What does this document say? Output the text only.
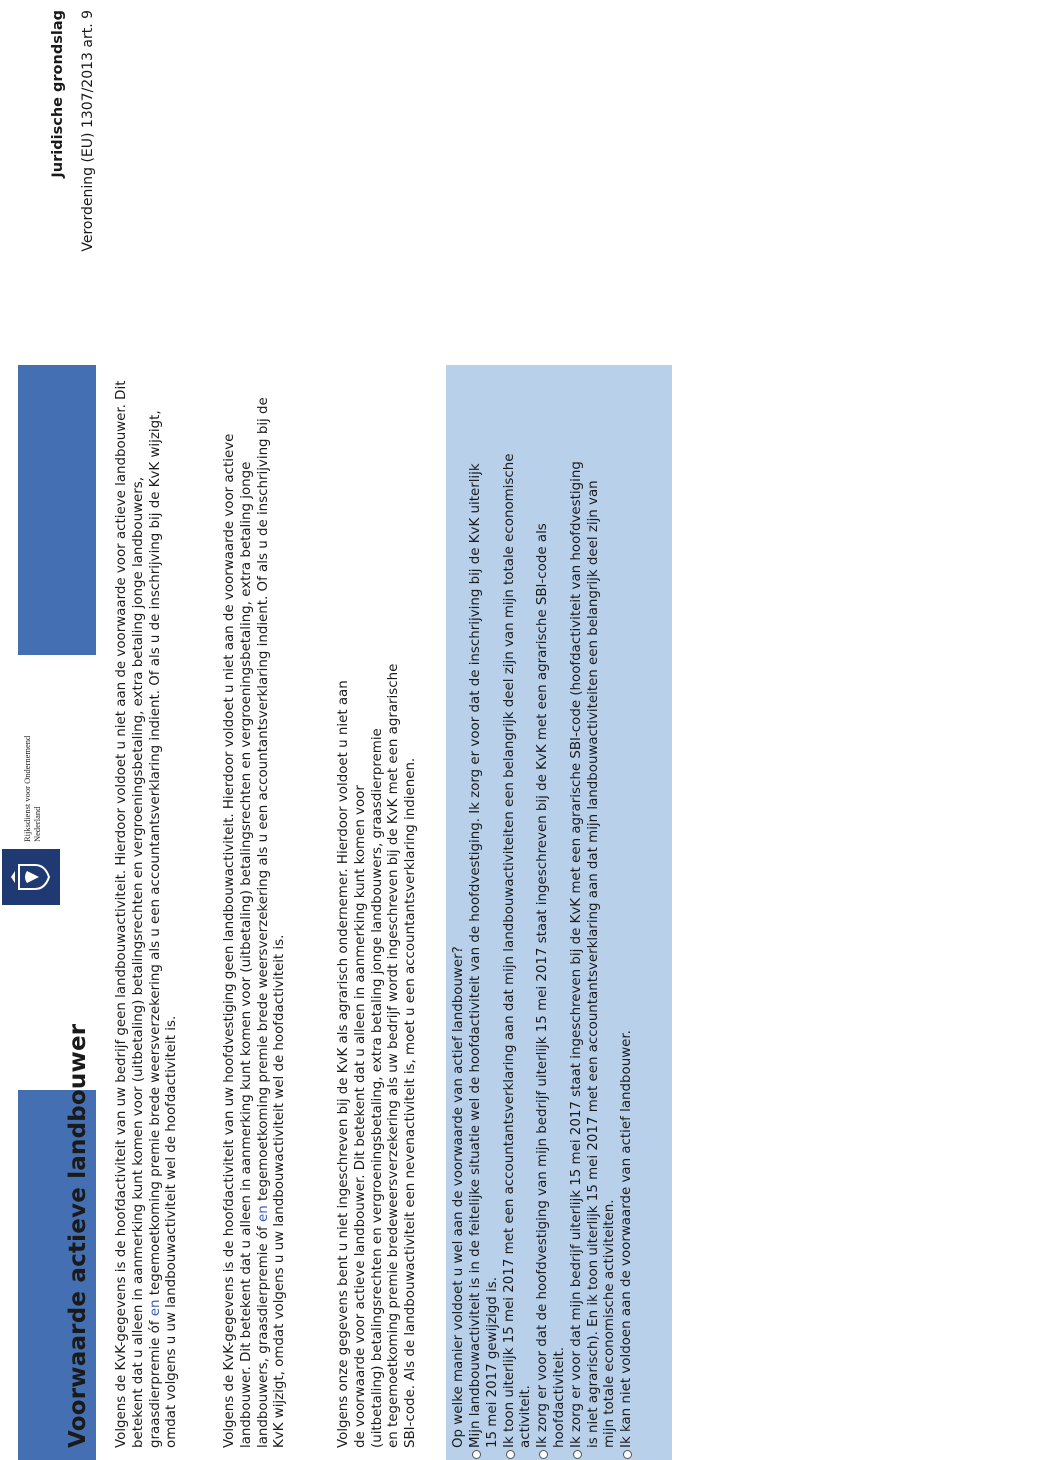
Rijksdienst voor Ondernemend Nederland
Juridische grondslag Verordening (EU) 1307/2013 art. 9
Voorwaarde actieve landbouwer Volgens de KvK-gegevens is de hoofdactiviteit van uw bedrijf geen landbouwactiviteit. Hierdoor voldoet u niet aan de voorwaarde voor actieve landbouwer. Dit betekent dat u alleen in aanmerking kunt komen voor (uitbetaling) betalingsrechten en vergroeningsbetaling, extra betaling jonge landbouwers, graasdierpremie óf en tegemoetkoming premie brede weersverzekering als u een accountantsverklaring indient. Of als u de inschrijving bij de KvK wijzigt, omdat volgens u uw landbouwactiviteit wel de hoofdactiviteit is.	Volgens de KvK-gegevens is de hoofdactiviteit van uw hoofdvestiging geen landbouwactiviteit. Hierdoor voldoet u niet aan de voorwaarde voor actieve landbouwer. Dit betekent dat u alleen in aanmerking kunt komen voor (uitbetaling) betalingsrechten en vergroeningsbetaling, extra betaling jonge landbouwers, graasdierpremie óf en tegemoetkoming premie brede weersverzekering als u een accountantsverklaring indient. Of als u de inschrijving bij de KvK wijzigt, omdat volgens u uw landbouwactiviteit wel de hoofdactiviteit is.	Volgens onze gegevens bent u niet ingeschreven bij de KvK als agrarisch ondernemer. Hierdoor voldoet u niet aan de voorwaarde voor actieve landbouwer. Dit betekent dat u alleen in aanmerking kunt komen voor (uitbetaling) betalingsrechten en vergroeningsbetaling, extra betaling jonge landbouwers, graasdierpremie en tegemoetkoming premie bredeweersverzekering als uw bedrijf wordt ingeschreven bij de KvK met een agrarische SBI-code. Als de landbouwactiviteit een nevenactiviteit is, moet u een accountantsverklaring indienen. Op welke manier voldoet u wel aan de voorwaarde van actief landbouwer? Mijn landbouwactiviteit is in de feitelijke situatie wel de hoofdactiviteit van de hoofdvestiging. Ik zorg er voor dat de inschrijving bij de KvK uiterlijk 15 mei 2017 gewijzigd is. Ik toon uiterlijk 15 mei 2017 met een accountantsverklaring aan dat mijn landbouwactiviteiten een belangrijk deel zijn van mijn totale economische activiteit. Ik zorg er voor dat de hoofdvestiging van mijn bedrijf uiterlijk 15 mei 2017 staat ingeschreven bij de KvK met een agrarische SBI-code als hoofdactiviteit. Ik zorg er voor dat mijn bedrijf uiterlijk 15 mei 2017 staat ingeschreven bij de KvK met een agrarische SBI-code (hoofdactiviteit van hoofdvestiging is niet agrarisch). En ik toon uiterlijk 15 mei 2017 met een accountantsverklaring aan dat mijn landbouwactiviteiten een belangrijk deel zijn van mijn totale economische activiteiten. Ik kan niet voldoen aan de voorwaarde van actief landbouwer.
